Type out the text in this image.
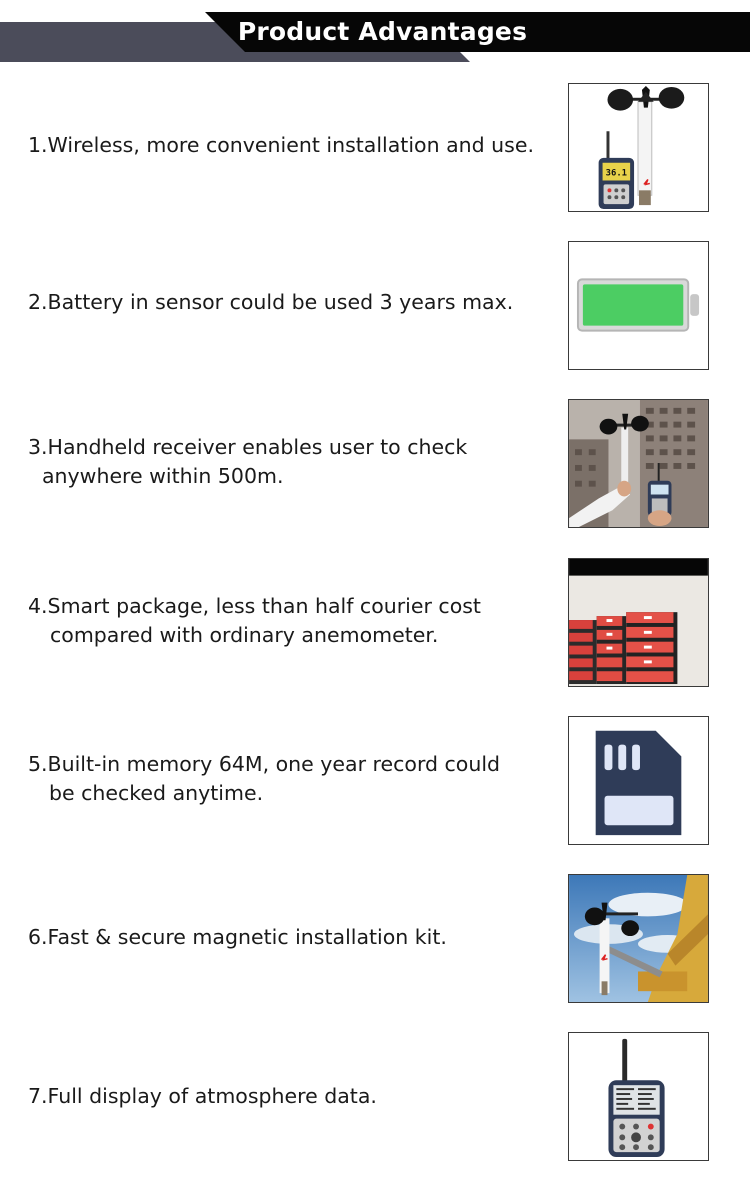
Product Advantages
1.Wireless, more convenient installation and use.
36.1
2.Battery in sensor could be used 3 years max.
3.Handheld receiver enables user to check
anywhere within 500m.
4.Smart package, less than half courier cost
compared with ordinary anemometer.
5.Built-in memory 64M, one year record could
be checked anytime.
6.Fast & secure magnetic installation kit.
7.Full display of atmosphere data.
